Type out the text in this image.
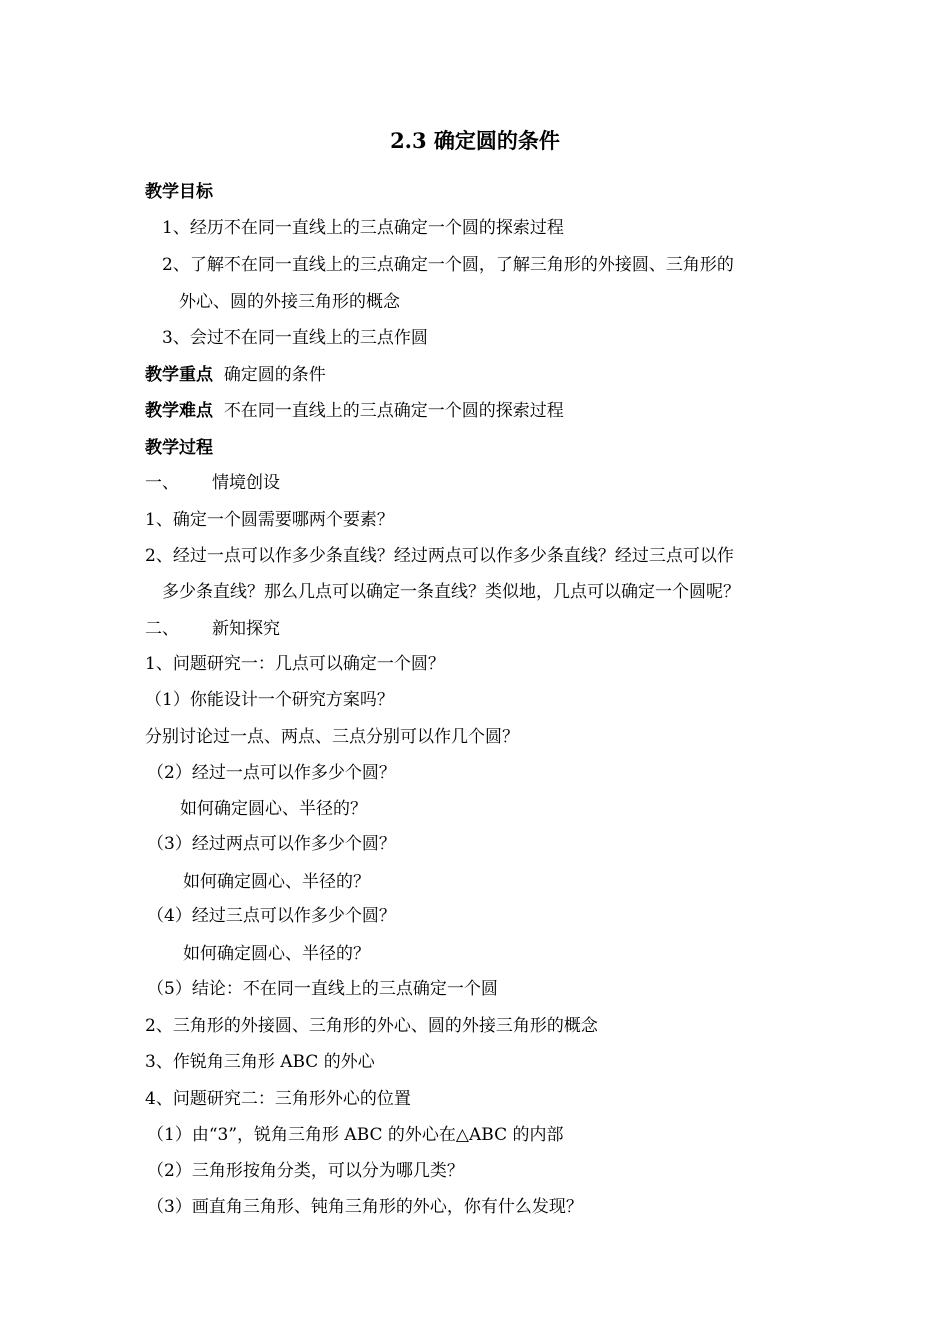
2.3 确定圆的条件
教学目标
1、经历不在同一直线上的三点确定一个圆的探索过程
2、了解不在同一直线上的三点确定一个圆，了解三角形的外接圆、三角形的
外心、圆的外接三角形的概念
3、会过不在同一直线上的三点作圆
教学重点 确定圆的条件
教学难点 不在同一直线上的三点确定一个圆的探索过程
教学过程
一、 情境创设
1、确定一个圆需要哪两个要素？
2、经过一点可以作多少条直线？经过两点可以作多少条直线？经过三点可以作
多少条直线？那么几点可以确定一条直线？类似地，几点可以确定一个圆呢？
二、 新知探究
1、问题研究一：几点可以确定一个圆？
（1）你能设计一个研究方案吗？
分别讨论过一点、两点、三点分别可以作几个圆？
（2）经过一点可以作多少个圆？
如何确定圆心、半径的？
（3）经过两点可以作多少个圆？
如何确定圆心、半径的？
（4）经过三点可以作多少个圆？
如何确定圆心、半径的？
（5）结论：不在同一直线上的三点确定一个圆
2、三角形的外接圆、三角形的外心、圆的外接三角形的概念
3、作锐角三角形 ABC 的外心
4、问题研究二：三角形外心的位置
（1）由“3”，锐角三角形 ABC 的外心在△ABC 的内部
（2）三角形按角分类，可以分为哪几类？
（3）画直角三角形、钝角三角形的外心，你有什么发现？
